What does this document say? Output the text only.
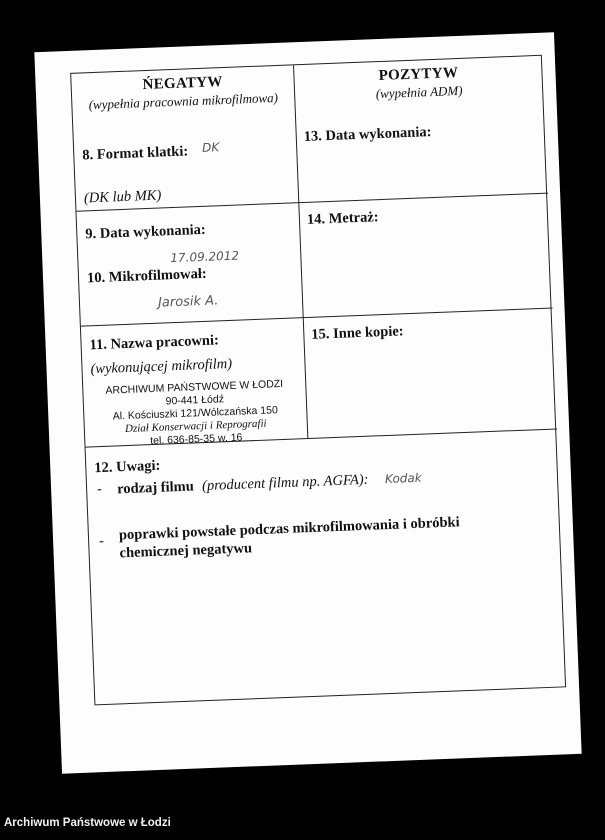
ŃEGATYW
(wypełnia pracownia mikrofilmowa)
8. Format klatki: DK
(DK lub MK)
9. Data wykonania:
17.09.2012
10. Mikrofilmował:
Jarosik A.
11. Nazwa pracowni:
(wykonującej mikrofilm)
ARCHIWUM PAŃSTWOWE W ŁODZI
90-441 Łódź
Al. Kościuszki 121/Wólczańska 150
Dział Konserwacji i Reprografii
tel. 636-85-35 w. 16
POZYTYW
(wypełnia ADM)
13. Data wykonania:
14. Metraż:
15. Inne kopie:
12. Uwagi:
- rodzaj filmu (producent filmu np. AGFA): Kodak
- poprawki powstałe podczas mikrofilmowania i obróbki
chemicznej negatywu
Archiwum Państwowe w Łodzi
